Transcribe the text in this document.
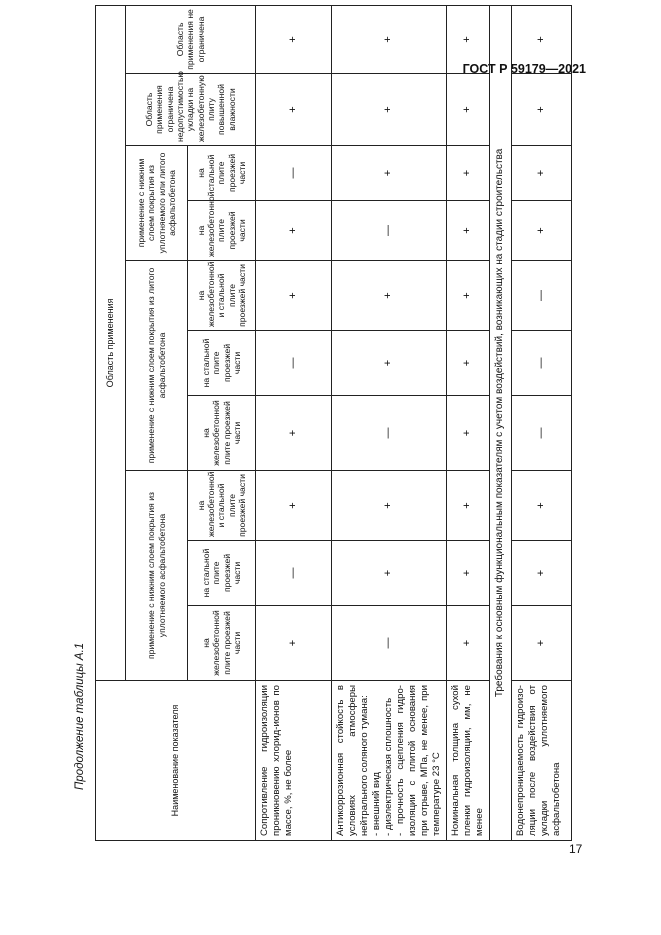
ГОСТ Р 59179—2021
Продолжение таблицы А.1	Наименование показателя	Область применения									
	применение с нижним слоем покрытия из уплотняемого асфальтобетона			применение с нижним слоем покрытия из литого асфальтобетона			применение с нижним слоем покрытия из уплотняемого или литого асфальтобетона		Область применения ограничена недопустимостью укладки на железобетонную плиту повышенной влажности	Область применения не ограничена
	на железобетонной плите проезжей части	на стальной плите проезжей части	на железобетонной и стальной плите проезжей части	на железобетонной плите проезжей части	на стальной плите проезжей части	на железобетонной и стальной плите проезжей части	на железобетонной плите проезжей части	на стальной плите проезжей части		
Сопротивление гидроизоляции проникновению хлорид-ионов по массе, %, не более	+	—	+	+	—	+	+	—	+	+
Антикоррозионная стойкость в условиях атмосферы нейтрального соляного тумана:
- внешний вид
- диэлектрическая сплошность
- прочность сцепления гидро-изоляции с плитой основания при отрыве, МПа, не менее, при температуре 23 °С	—	+	+	—	+	+	—	+	+	+
Номинальная толщина сухой пленки гидроизоляции, мм, не менее	+	+	+	+	+	+	+	+	+	+
Требования к основным функциональным показателям с учетом воздействий, возникающих на стадии строительства										
Водонепроницаемость гидроизо-ляции после воздействия от укладки уплотняемого асфальтобетона	+	+	+	—	—	—	+	+	+	+
17
